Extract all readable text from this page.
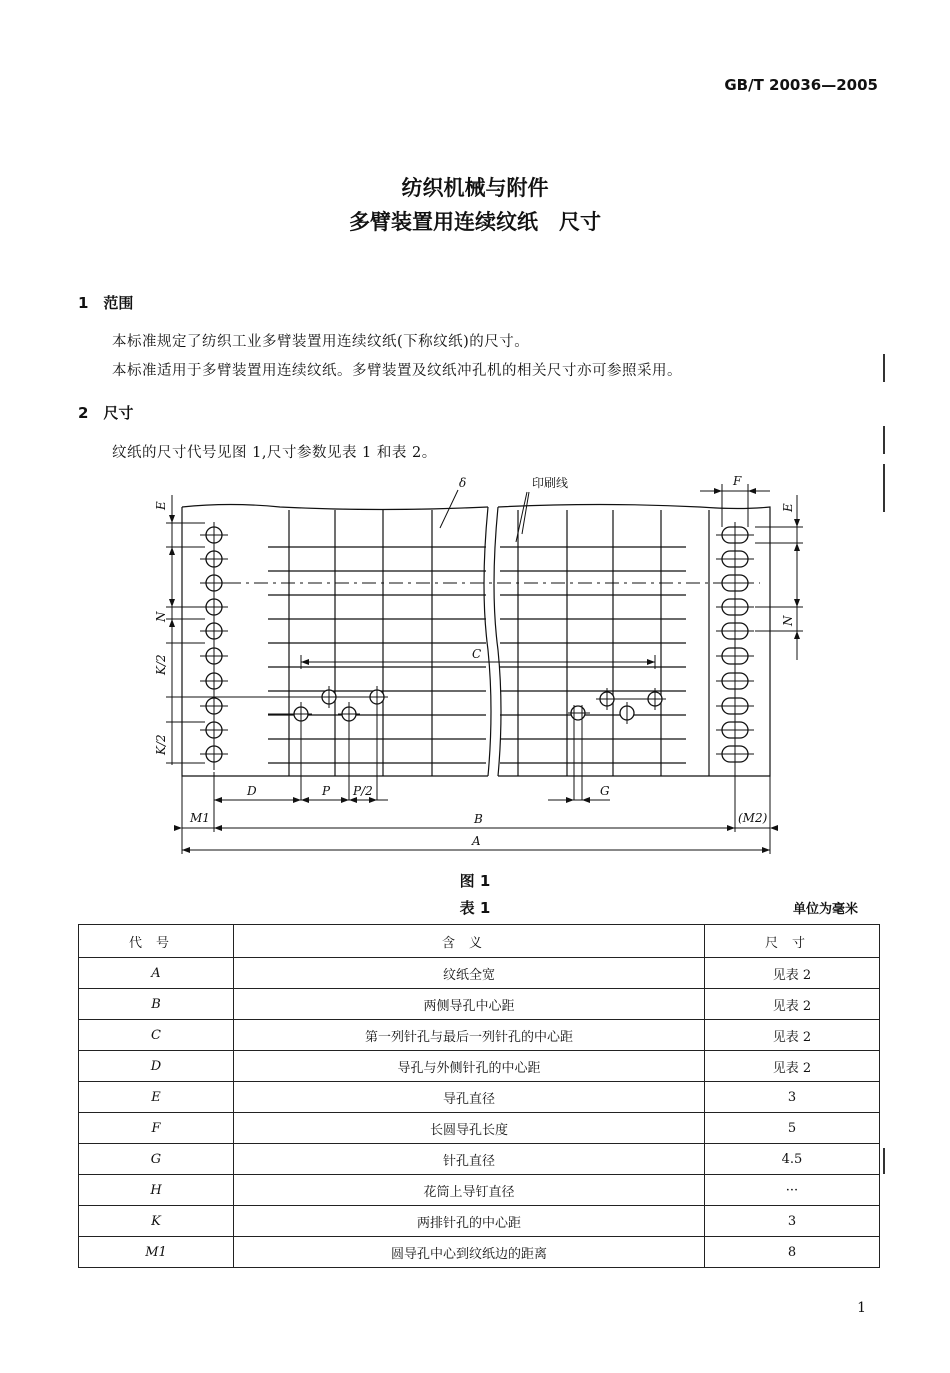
GB/T 20036—2005
纺织机械与附件
多臂装置用连续纹纸　尺寸
1　范围
本标准规定了纺织工业多臂装置用连续纹纸(下称纹纸)的尺寸。
本标准适用于多臂装置用连续纹纸。多臂装置及纹纸冲孔机的相关尺寸亦可参照采用。
2　尺寸
纹纸的尺寸代号见图 1,尺寸参数见表 1 和表 2。
δ	印刷线
E	E
F
N	N
K/2
K/2
C
D	P P/2	G
M1	(M2)
B
A
图 1
表 1	单位为毫米
代号	含义	尺寸
A	纹纸全宽	见表 2
B	两侧导孔中心距	见表 2
C	第一列针孔与最后一列针孔的中心距	见表 2
D	导孔与外侧针孔的中心距	见表 2
E	导孔直径	3
F	长圆导孔长度	5
G	针孔直径	4.5
H	花筒上导钉直径	···
K	两排针孔的中心距	3
M1	圆导孔中心到纹纸边的距离	8
1
